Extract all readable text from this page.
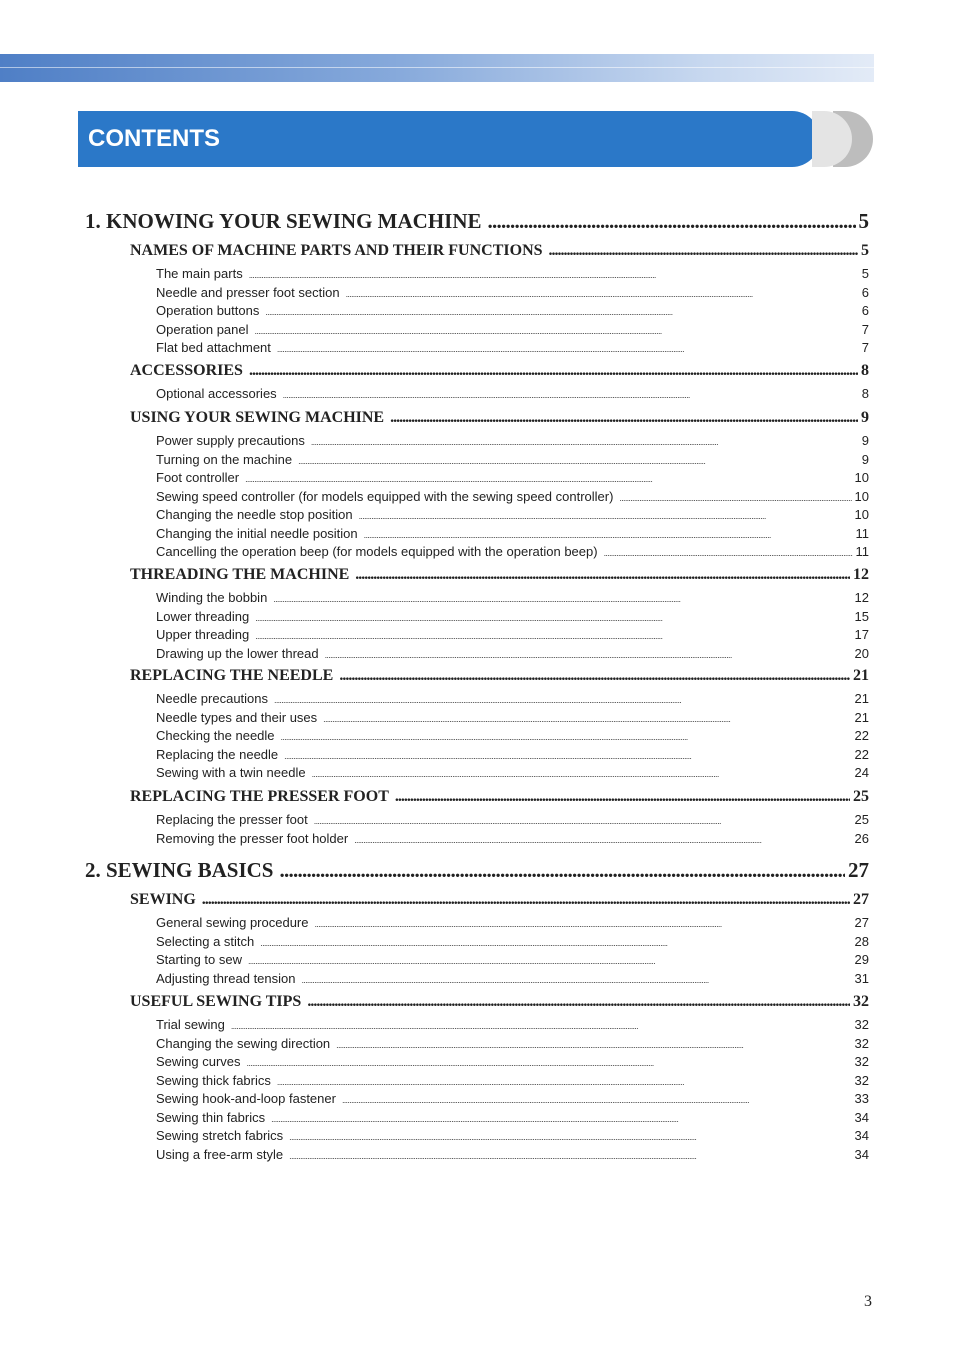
CONTENTS
1. KNOWING YOUR SEWING MACHINE . . .	5
NAMES OF MACHINE PARTS AND THEIR FUNCTIONS . . .	5
The main parts . . .	5
Needle and presser foot section . . .	6
Operation buttons . . .	6
Operation panel . . .	7
Flat bed attachment . . .	7
ACCESSORIES . . .	8
Optional accessories . . .	8
USING YOUR SEWING MACHINE . . .	9
Power supply precautions . . .	9
Turning on the machine . . .	9
Foot controller . . .	10
Sewing speed controller (for models equipped with the sewing speed controller) . . .	10
Changing the needle stop position . . .	10
Changing the initial needle position . . .	11
Cancelling the operation beep (for models equipped with the operation beep) . . .	11
THREADING THE MACHINE . . .	12
Winding the bobbin . . .	12
Lower threading . . .	15
Upper threading . . .	17
Drawing up the lower thread . . .	20
REPLACING THE NEEDLE . . .	21
Needle precautions . . .	21
Needle types and their uses . . .	21
Checking the needle . . .	22
Replacing the needle . . .	22
Sewing with a twin needle . . .	24
REPLACING THE PRESSER FOOT . . .	25
Replacing the presser foot . . .	25
Removing the presser foot holder . . .	26
2. SEWING BASICS . . .	27
SEWING . . .	27
General sewing procedure . . .	27
Selecting a stitch . . .	28
Starting to sew . . .	29
Adjusting thread tension . . .	31
USEFUL SEWING TIPS . . .	32
Trial sewing . . .	32
Changing the sewing direction . . .	32
Sewing curves . . .	32
Sewing thick fabrics . . .	32
Sewing hook-and-loop fastener . . .	33
Sewing thin fabrics . . .	34
Sewing stretch fabrics . . .	34
Using a free-arm style . . .	34
3
